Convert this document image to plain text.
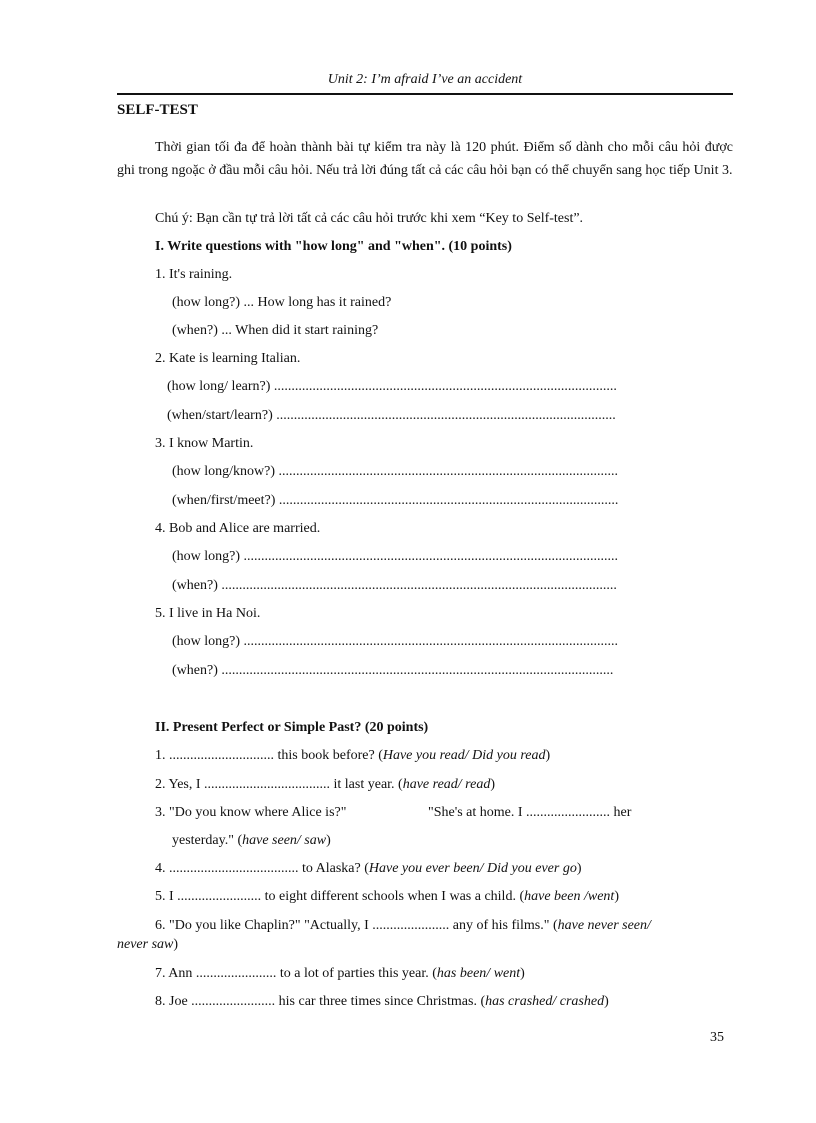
Unit 2: I’m afraid I’ve an accident
SELF-TEST
Thời gian tối đa để hoàn thành bài tự kiểm tra này là 120 phút. Điểm số dành cho mỗi câu hỏi được ghi trong ngoặc ở đầu mỗi câu hỏi. Nếu trả lời đúng tất cả các câu hỏi bạn có thể chuyển sang học tiếp Unit 3.
Chú ý: Bạn cần tự trả lời tất cả các câu hỏi trước khi xem “Key to Self-test”.
I. Write questions with "how long" and "when". (10 points)
1. It's raining.
(how long?) ... How long has it rained?
(when?) ... When did it start raining?
2. Kate is learning Italian.
(how long/ learn?) ..................................................................................................
(when/start/learn?) .................................................................................................
3. I know Martin.
(how long/know?) .................................................................................................
(when/first/meet?) .................................................................................................
4. Bob and Alice are married.
(how long?) ...........................................................................................................
(when?) .................................................................................................................
5. I live in Ha Noi.
(how long?) ...........................................................................................................
(when?) ................................................................................................................
II. Present Perfect or Simple Past? (20 points)
1. .............................. this book before? (Have you read/ Did you read)
2. Yes, I .................................... it last year. (have read/ read)
3. "Do you know where Alice is?"	"She's at home. I ........................ her
yesterday." (have seen/ saw)
4. ..................................... to Alaska? (Have you ever been/ Did you ever go)
5. I ........................ to eight different schools when I was a child. (have been /went)
6. "Do you like Chaplin?" "Actually, I ...................... any of his films." (have never seen/
never saw)
7. Ann ....................... to a lot of parties this year. (has been/ went)
8. Joe ........................ his car three times since Christmas. (has crashed/ crashed)
35
